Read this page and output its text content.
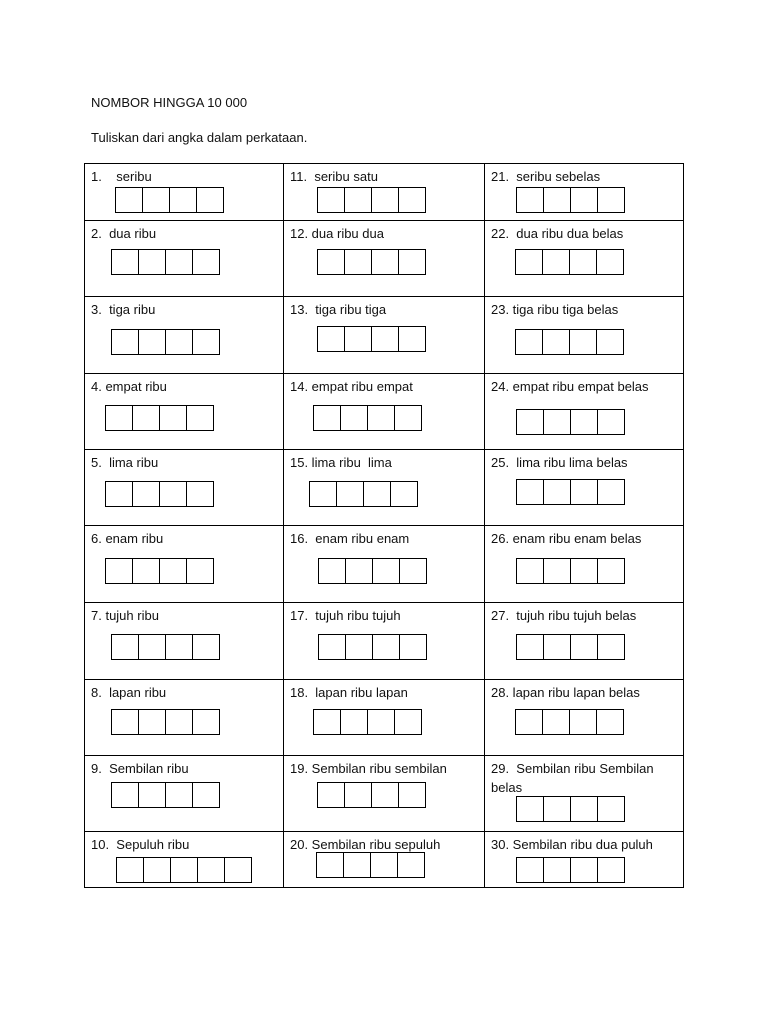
NOMBOR HINGGA 10 000
Tuliskan dari angka dalam perkataan.
1.    seribu
2.  dua ribu
3.  tiga ribu
4. empat ribu
5.  lima ribu
6. enam ribu
7. tujuh ribu
8.  lapan ribu
9.  Sembilan ribu
10.  Sepuluh ribu
11.  seribu satu
12. dua ribu dua
13.  tiga ribu tiga
14. empat ribu empat
15. lima ribu  lima
16.  enam ribu enam
17.  tujuh ribu tujuh
18.  lapan ribu lapan
19. Sembilan ribu sembilan
20. Sembilan ribu sepuluh
21.  seribu sebelas
22.  dua ribu dua belas
23. tiga ribu tiga belas
24. empat ribu empat belas
25.  lima ribu lima belas
26. enam ribu enam belas
27.  tujuh ribu tujuh belas
28. lapan ribu lapan belas
29.  Sembilan ribu Sembilan
belas
30. Sembilan ribu dua puluh
